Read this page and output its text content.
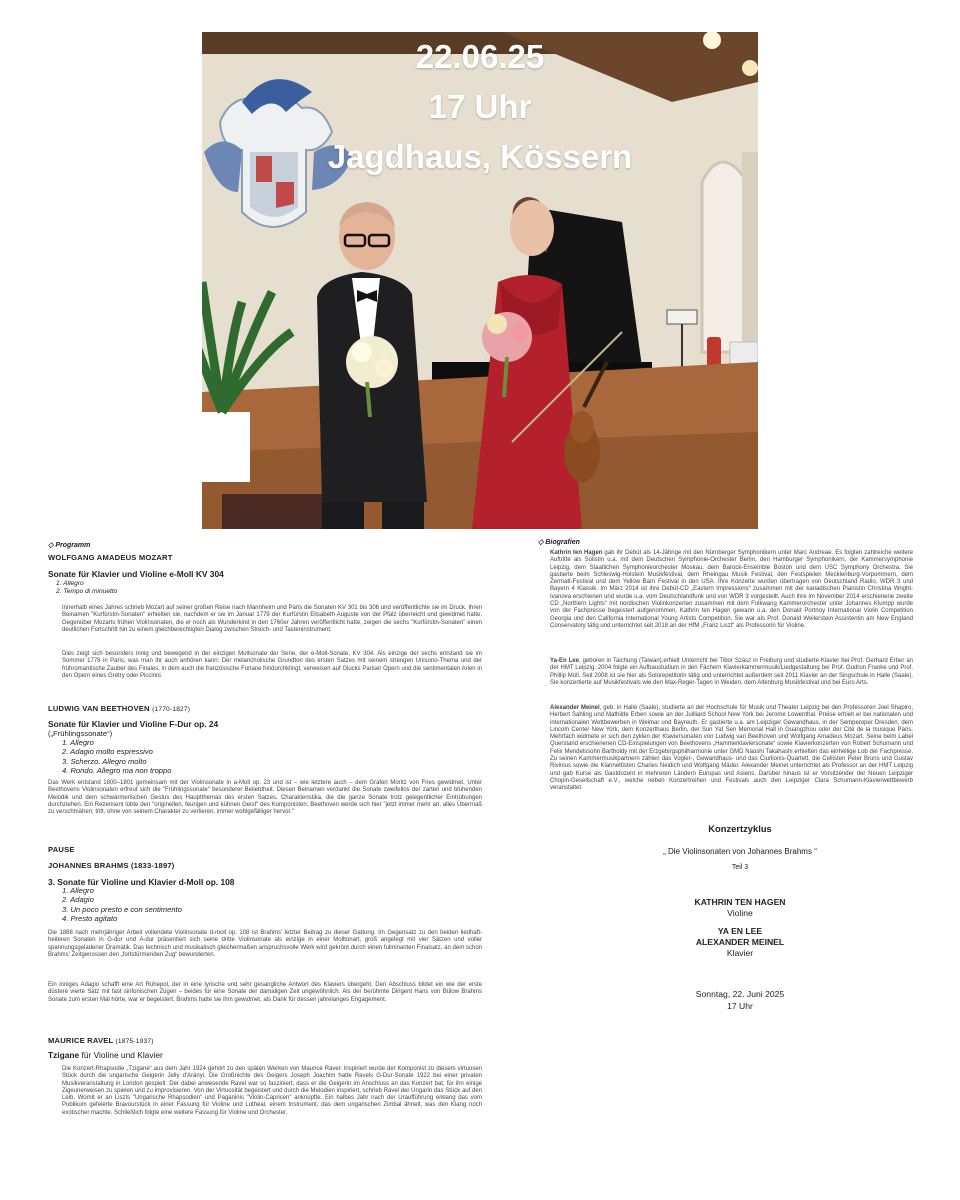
22.06.25
17 Uhr
Jagdhaus, Kössern
◇ Programm
WOLFGANG AMADEUS MOZART
Sonate für Klavier und Violine e-Moll KV 304
1. Allegro
2. Tempo di minuetto
Innerhalb eines Jahres schrieb Mozart auf seiner großen Reise nach Mannheim und Paris die Sonaten KV 301 bis 306 und veröffentlichte sie im Druck. Ihren Beinamen "Kurfürstin-Sonaten" erhielten sie, nachdem er sie im Januar 1779 der Kurfürstin Elisabeth Auguste von der Pfalz überreicht und gewidmet hatte. Gegenüber Mozarts frühen Violinsonaten, die er noch als Wunderkind in den 1760er Jahren veröffentlicht hatte, zeigen die sechs "Kurfürstin-Sonaten" einen deutlichen Fortschritt hin zu einem gleichberechtigten Dialog zwischen Streich- und Tasteninstrument.
Dies zeigt sich besonders innig und bewegend in der einzigen Mollsonate der Serie, der e-Moll-Sonate, KV 304. Als einzige der sechs entstand sie im Sommer 1778 in Paris, was man ihr auch anhören kann: Der melancholische Grundton des ersten Satzes mit seinem strengen Unisono-Thema und der frühromantische Zauber des Finales, in dem auch die französische Forlane hindurchklingt, verweisen auf Glucks Pariser Opern und die sentimentalen Arien in den Opern eines Grétry oder Piccinni.
LUDWIG VAN BEETHOVEN (1770-1827)
Sonate für Klavier und Violine F-Dur op. 24
(„Frühlingssonate“)
1. Allegro
2. Adagio molto espressivo
3. Scherzo. Allegro molto
4. Rondo. Allegro ma non troppo
Das Werk entstand 1800–1801 gemeinsam mit der Violinsonate in a-Moll op. 23 und ist – wie letztere auch – dem Grafen Moritz von Fries gewidmet. Unter Beethovens Violinsonaten erfreut sich die "Frühlingssonate" besonderer Beliebtheit. Diesen Beinamen verdankt die Sonate zweifellos der zarten und blühenden Melodik und dem schwärmerischen Gestus des Hauptthemas des ersten Satzes, Charakteristika, die die ganze Sonate trotz gelegentlicher Eintrübungen durchziehen. Ein Rezensent lobte den "originellen, feurigen und kühnen Geist" des Komponisten; Beethoven werde sich hier "jetzt immer mehr an, alles Übermaß zu verschmähen; tritt, ohne von seinem Charakter zu verlieren, immer wohlgefälliger hervor."
PAUSE
JOHANNES BRAHMS (1833-1897)
3. Sonate für Violine und Klavier d-Moll op. 108
1. Allegro
2. Adagio
3. Un poco presto e con sentimento
4. Presto agitato
Die 1888 nach mehrjähriger Arbeit vollendete Violinsonate d-moll op. 108 ist Brahms' letzter Beitrag zu dieser Gattung. Im Gegensatz zu den beiden liedhaft-heiteren Sonaten in G-dur und A-dur präsentiert sich seine dritte Violinsonate als einzige in einer Molltonart, groß angelegt mit vier Sätzen und voller spannungsgeladener Dramatik. Das technisch und musikalisch gleichermaßen anspruchsvolle Werk wird gekrönt durch einen fulminanten Finalsatz, an dem schon Brahms' Zeitgenossen den „fortstürmenden Zug“ bewunderten.
Ein inniges Adagio schafft eine Art Ruhepol, der in eine lyrische und sehr gesangliche Antwort des Klaviers übergeht. Den Abschluss bildet ein wie der erste düstere vierte Satz mit fast sinfonischen Zügen – beides für eine Sonate der damaligen Zeit ungewöhnlich. Als der berühmte Dirigent Hans von Bülow Brahms Sonate zum ersten Mal hörte, war er begeistert. Brahms hatte sie ihm gewidmet, als Dank für dessen jahrelanges Engagement.
MAURICE RAVEL (1875-1937)
Tzigane für Violine und Klavier
Die Konzert-Rhapsodie „Tzigane“ aus dem Jahr 1924 gehört zu den späten Werken von Maurice Ravel: Inspiriert wurde der Komponist zu diesem virtuosen Stück durch die ungarische Geigerin Jelly d'Arányi. Die Großnichte des Geigers Joseph Joachim hatte Ravels G-Dur-Sonate 1922 bei einer privaten Musikveranstaltung in London gespielt. Der dabei anwesende Ravel war so fasziniert, dass er die Geigerin im Anschluss an das Konzert bat, für ihn einige Zigeunerweisen zu spielen und zu improvisieren. Von der Virtuosität begeistert und durch die Melodien inspiriert, schrieb Ravel der Ungarin das Stück auf den Leib. Womit er an Liszts "Ungarische Rhapsodien" und Paganinis "Violin-Capricen" anknüpfte. Ein halbes Jahr nach der Uraufführung erklang das vom Publikum gefeierte Bravourstück in einer Fassung für Violine und Luthéal, einem Instrument, das dem ungarischen Zimbal ähnelt, was den Klang noch exotischer machte. Schließlich folgte eine weitere Fassung für Violine und Orchester.
◇ Biografien
Kathrin ten Hagen gab ihr Debüt als 14-Jährige mit den Nürnberger Symphonikern unter Marc Andreae. Es folgten zahlreiche weitere Auftritte als Solistin u.a. mit dem Deutschen Symphonie-Orchester Berlin, den Hamburger Symphonikern, der Kammersymphonie Leipzig, dem Staatlichen Symphonieorchester Moskau, dem Barock-Ensemble Boston und dem USC Symphony Orchestra. Sie gastierte beim Schleswig-Holstein Musikfestival, dem Rheingau Musik Festival, den Festspielen Mecklenburg-Vorpommern, dem Zermatt-Festival und dem Yellow Barn Festival in den USA. Ihre Konzerte wurden übertragen von Deutschland Radio, WDR 3 und Bayern 4 Klassik. Im März 2014 ist ihre Debüt-CD „Eastern Impressions“ zusammen mit der kanadischen Pianistin Christina Wright-Ivanova erschienen und wurde u.a. vom Deutschlandfunk und von WDR 3 vorgestellt. Auch ihre im November 2014 erschienene zweite CD „Northern Lights“ mit nordischen Violinkonzerten zusammen mit dem Folkwang Kammerorchester unter Johannes Klumpp wurde von der Fachpresse begeistert aufgenommen. Kathrin ten Hagen gewann u.a. den Donald Portnoy International Violin Competition Georgia und den California International Young Artists Competition. Sie war als Prof. Donald Weilerstein Assistentin am New England Conservatory tätig und unterrichtet seit 2018 an der HfM „Franz Liszt“ als Professorin für Violine.
Ya-En Lee, geboren in Taichung (Taiwan),erhielt Unterricht bei Tibor Szász in Freiburg und studierte Klavier bei Prof. Gerhard Erber an der HMT Leipzig. 2004 folgte ein Aufbaustudium in den Fächern Klavierkammermusik/Liedgestaltung bei Prof. Gudrun Franke und Prof. Phillip Moll. Seit 2008 ist sie hier als Solorepetitorin tätig und unterrichtet außerdem seit 2011 Klavier an der Singschule in Halle (Saale). Sie konzertierte auf Musikfestivals wie den Max-Reger-Tagen in Weiden, dem Altenburg Musikfestival und bei Euro Arts.
Alexander Meinel, geb. in Halle (Saale), studierte an der Hochschule für Musik und Theater Leipzig bei den Professoren Joel Shapiro, Herbert Sahling und Mathilde Erben sowie an der Juilliard School New York bei Jerome Lowenthal. Preise erhielt er bei nationalen und internationalen Wettbewerben in Weimar und Bayreuth. Er gastierte u.a. am Leipziger Gewandhaus, in der Semperoper Dresden, dem Lincoln Center New York, dem Konzerthaus Berlin, der Sun Yat Sen Memorial Hall in Guangzhou oder der Cité de la musique Paris. Mehrfach widmete er sich den zyklen der Klaviersonaten von Ludwig van Beethoven und Wolfgang Amadeus Mozart. Seine beim Label Querstand erschienenen CD-Einspielungen von Beethovens „Hammerklaviersonate“ sowie Klavierkonzerten von Robert Schumann und Felix Mendelssohn Bartholdy mit der Erzgebirgsphilharmonie unter GMD Naoshi Takahashi erhielten das einhellige Lob der Fachpresse. Zu seinen Kammermusikpartnern zählen das Vogler-, Gewandhaus- und das Čiurlionis-Quartett, die Cellisten Peter Bruns und Gustav Rivinius sowie die Klarinettisten Charles Neidich und Wolfgang Mäder. Alexander Meinel unterrichtet als Professor an der HMT Leipzig und gab Kurse als Gastdozent in mehreren Ländern Europas und Asiens. Darüber hinaus ist er Vorsitzender der Neuen Leipziger Chopin-Gesellschaft e.V., welche neben Konzertreihen und Festivals auch den Leipziger Clara Schumann-Klavierwettbewerb veranstaltet.
Konzertzyklus
„ Die Violinsonaten von Johannes Brahms “
Teil 3
KATHRIN TEN HAGEN
Violine
YA EN LEE
ALEXANDER MEINEL
Klavier
Sonntag, 22. Juni 2025
17 Uhr
